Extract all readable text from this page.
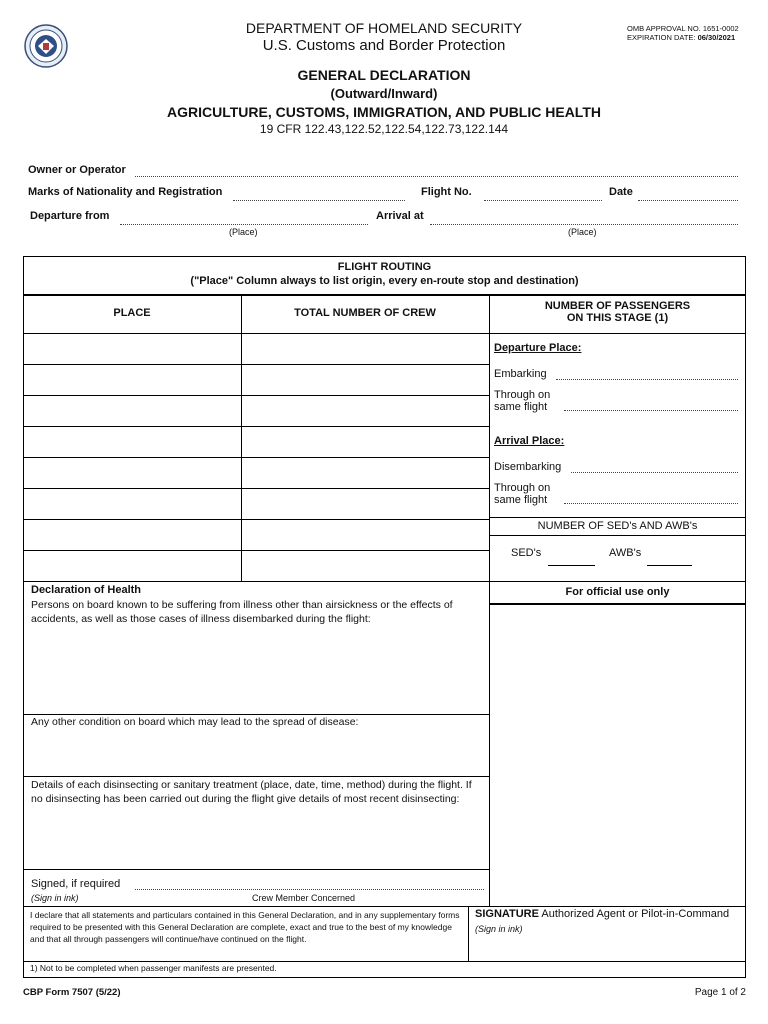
DEPARTMENT OF HOMELAND SECURITY
U.S. Customs and Border Protection
OMB APPROVAL NO. 1651-0002
EXPIRATION DATE: 06/30/2021
GENERAL DECLARATION
(Outward/Inward)
AGRICULTURE, CUSTOMS, IMMIGRATION, AND PUBLIC HEALTH
19 CFR 122.43,122.52,122.54,122.73,122.144
Owner or Operator
Marks of Nationality and Registration	Flight No.	Date
Departure from
(Place)
Arrival at
(Place)
FLIGHT ROUTING
("Place" Column always to list origin, every en-route stop and destination)
PLACE	TOTAL NUMBER OF CREW
NUMBER OF PASSENGERS
ON THIS STAGE (1)
Departure Place:
Embarking
Through on
same flight
Arrival Place:
Disembarking
Through on
same flight
NUMBER OF SED's AND AWB's
SED's	AWB's
For official use only
Declaration of Health
Persons on board known to be suffering from illness other than airsickness or the effects of accidents, as well as those cases of illness disembarked during the flight:
Any other condition on board which may lead to the spread of disease:
Details of each disinsecting or sanitary treatment (place, date, time, method) during the flight. If no disinsecting has been carried out during the flight give details of most recent disinsecting:
Signed, if required
(Sign in ink)	Crew Member Concerned
I declare that all statements and particulars contained in this General Declaration, and in any supplementary forms required to be presented with this General Declaration are complete, exact and true to the best of my knowledge and that all through passengers will continue/have continued on the flight.
SIGNATURE Authorized Agent or Pilot-in-Command
(Sign in ink)
1) Not to be completed when passenger manifests are presented.
CBP Form 7507 (5/22)	Page 1 of 2
